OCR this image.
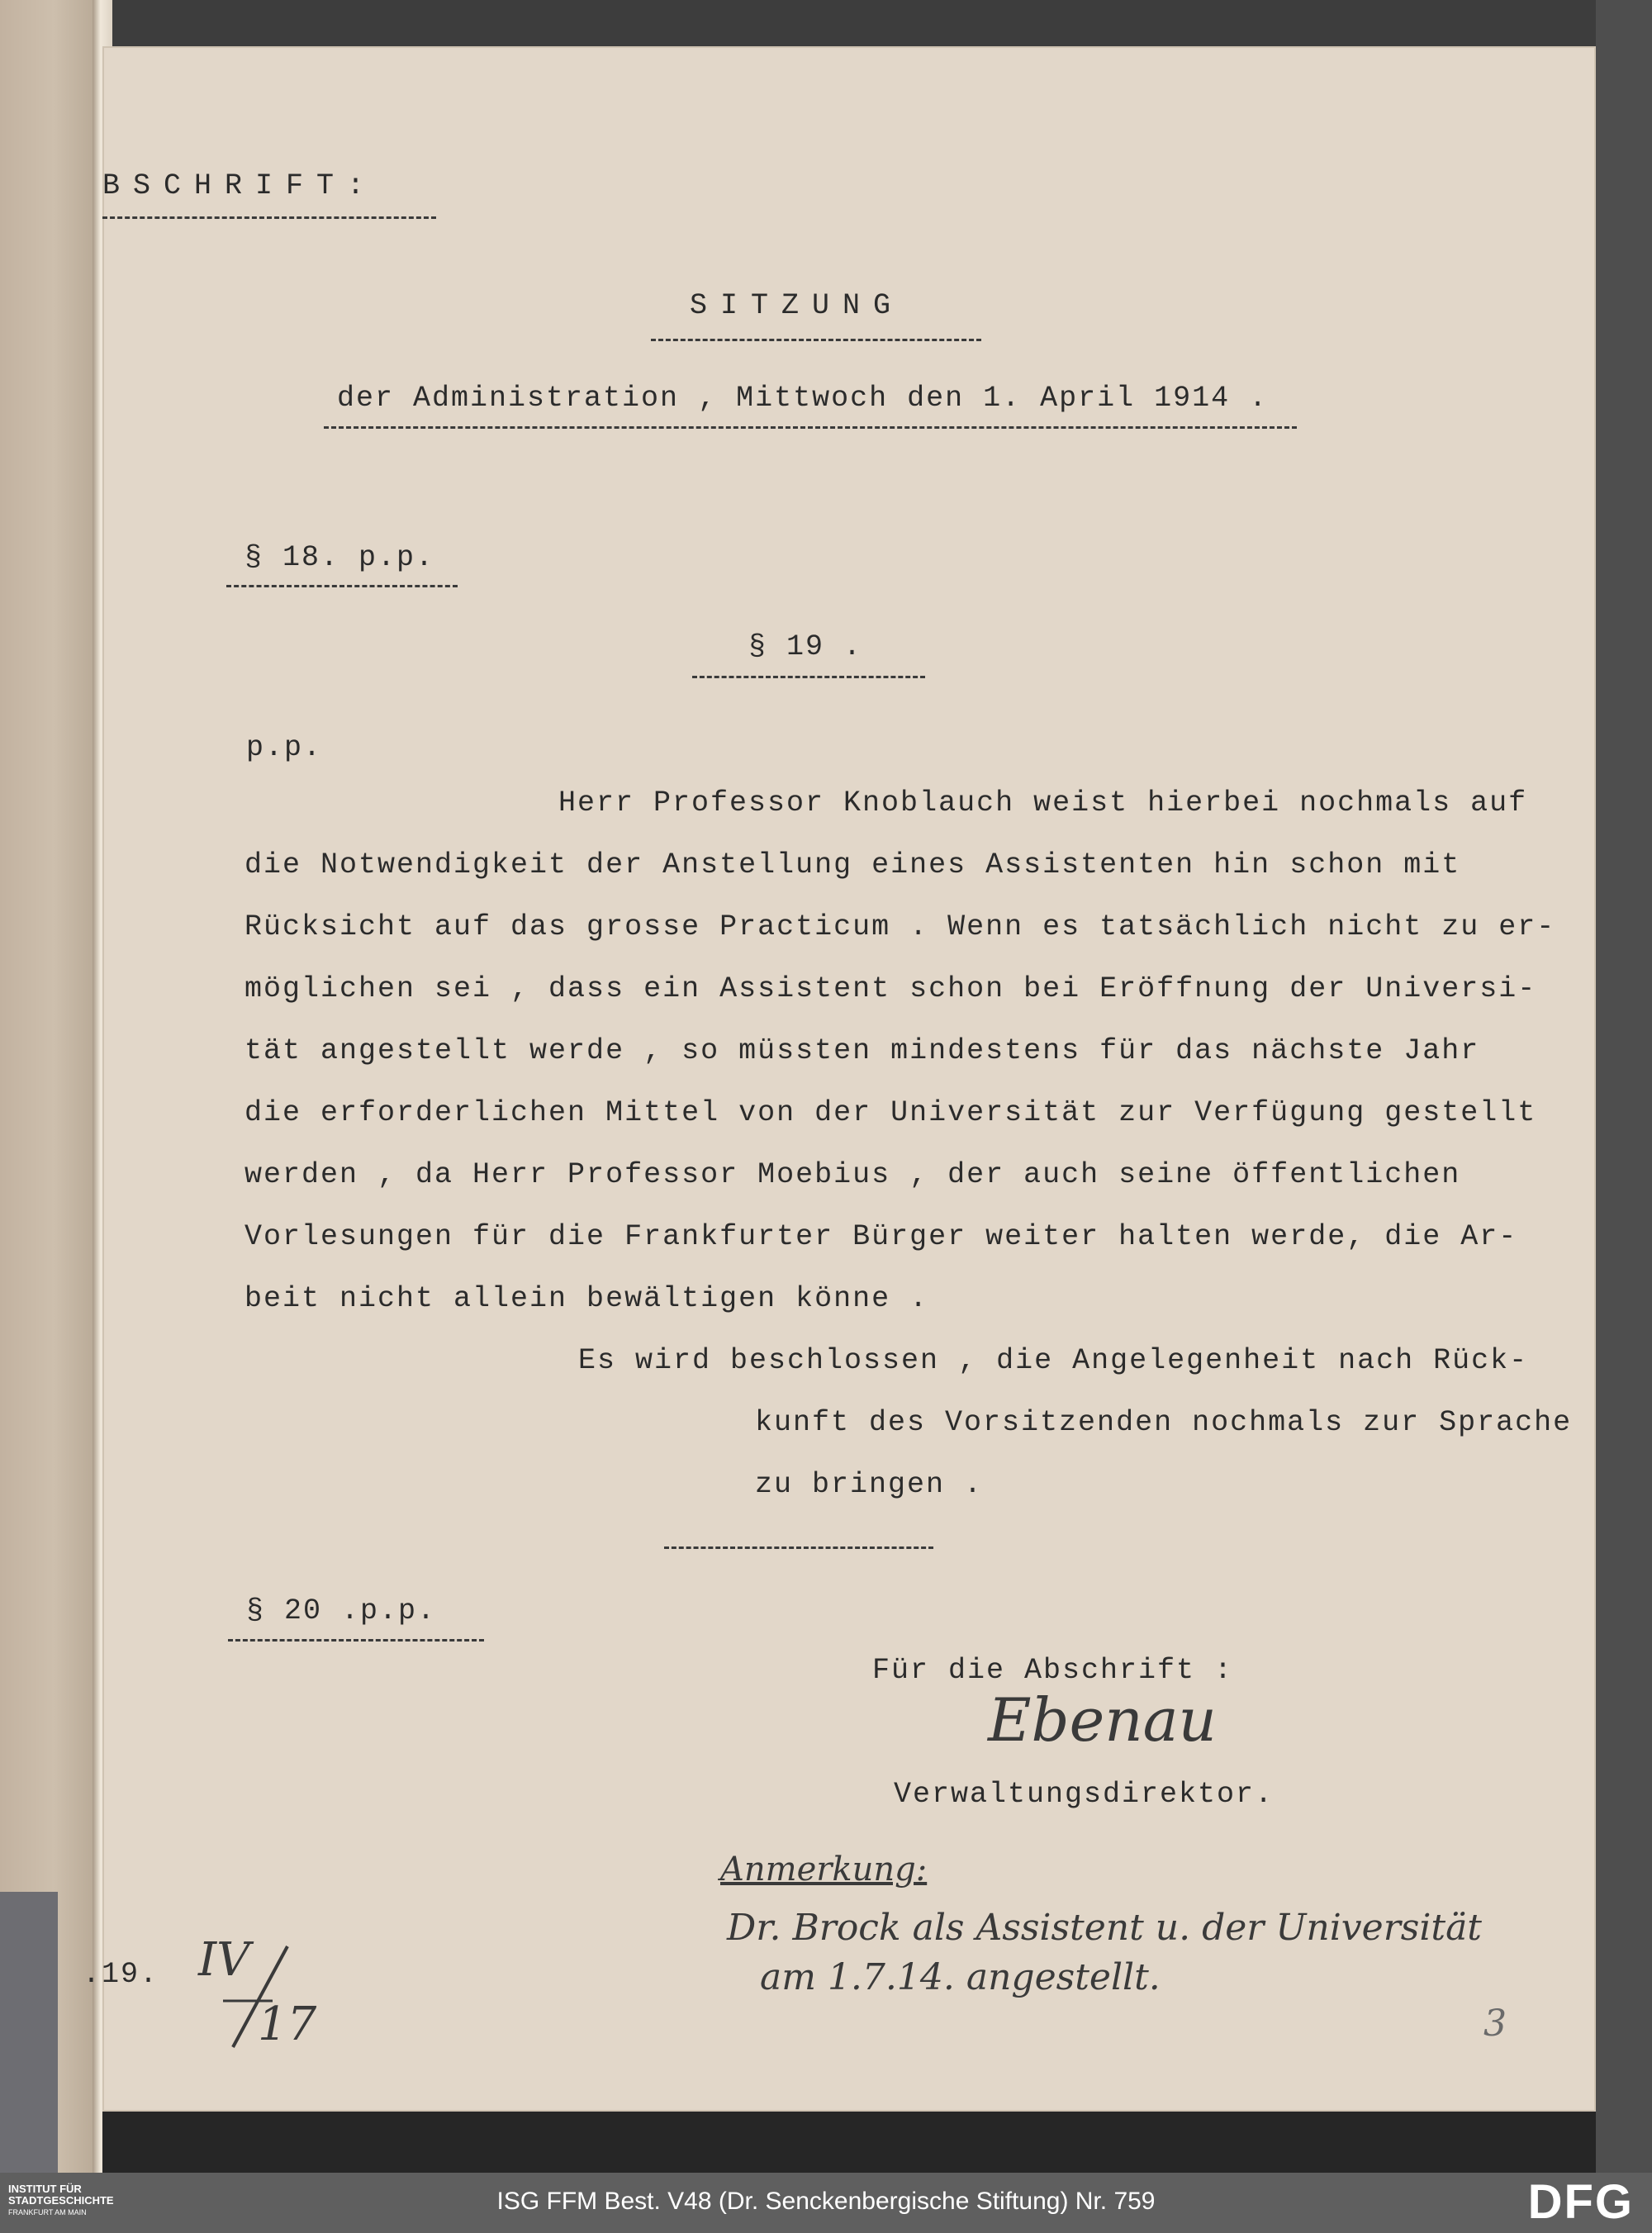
BSCHRIFT:
SITZUNG
der Administration , Mittwoch den 1. April 1914 .
§ 18. p.p.
§ 19 .
p.p.
Herr Professor Knoblauch weist hierbei nochmals auf
die Notwendigkeit der Anstellung eines Assistenten hin schon mit
Rücksicht auf das grosse Practicum . Wenn es tatsächlich nicht zu er-
möglichen sei , dass ein Assistent schon bei Eröffnung der Universi-
tät angestellt werde , so müssten mindestens für das nächste Jahr
die erforderlichen Mittel von der Universität zur Verfügung gestellt
werden , da Herr Professor Moebius , der auch seine öffentlichen
Vorlesungen für die Frankfurter Bürger weiter halten werde, die Ar-
beit nicht allein bewältigen könne .
Es wird beschlossen , die Angelegenheit nach Rück-
kunft des Vorsitzenden nochmals zur Sprache
zu bringen .
§ 20 .p.p.
Für die Abschrift :
Ebenau
Verwaltungsdirektor.
Anmerkung:
Dr. Brock als Assistent u. der Universität
am 1.7.14. angestellt.
.19. IV
17	3
INSTITUT FÜR
STADTGESCHICHTE
FRANKFURT AM MAIN	ISG FFM Best. V48 (Dr. Senckenbergische Stiftung) Nr. 759	DFG
